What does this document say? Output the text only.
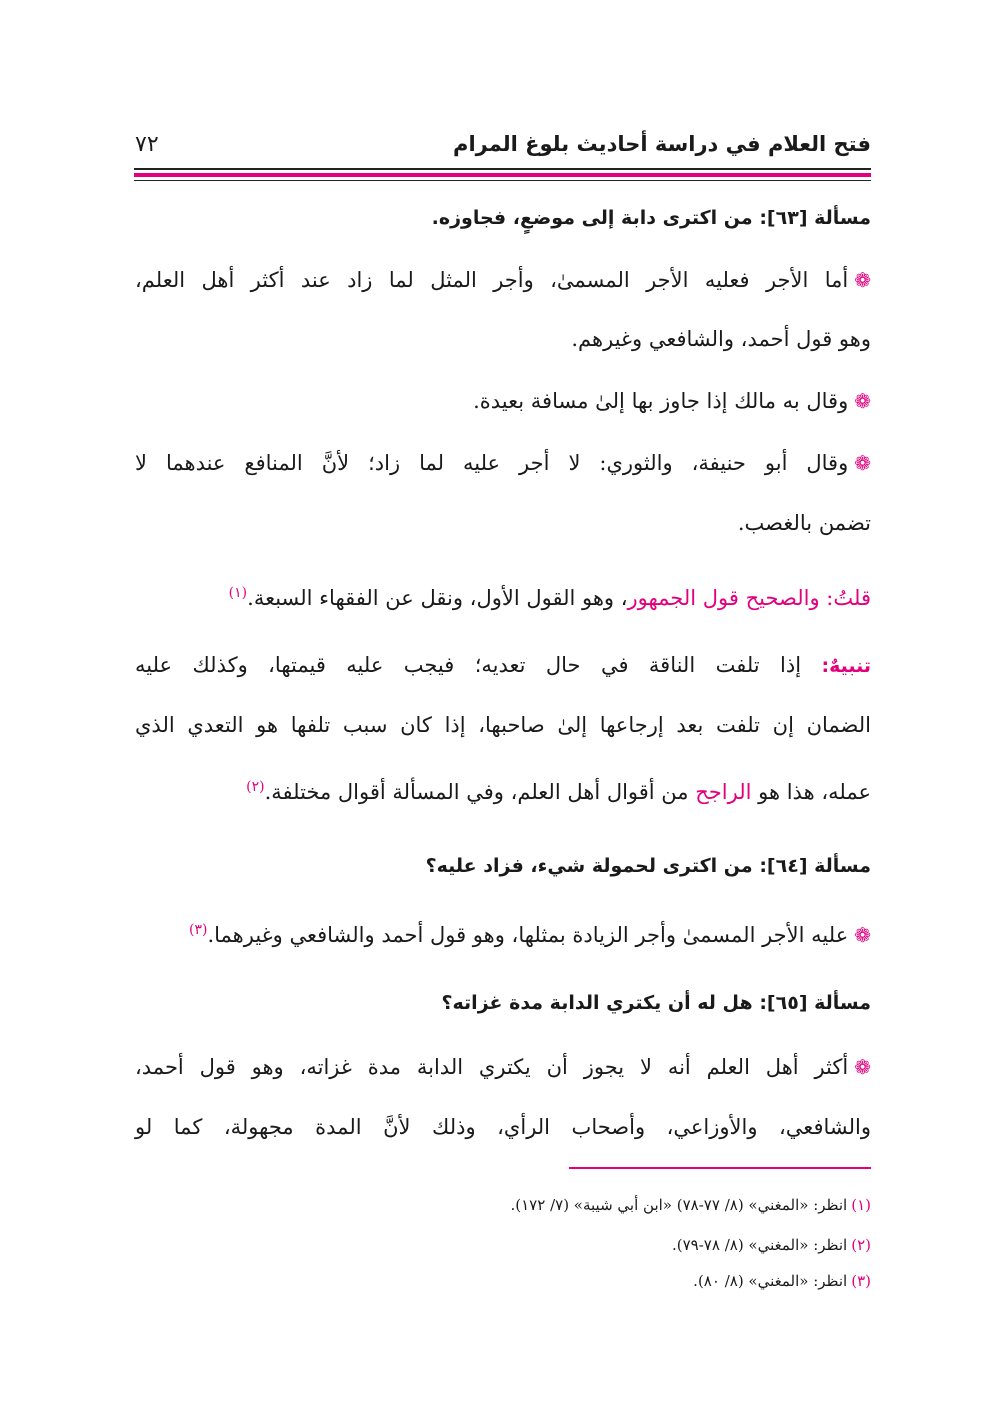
فتح العلام في دراسة أحاديث بلوغ المرام
٧٢
مسألة [٦٣]: من اكترى دابة إلى موضعٍ، فجاوزه.
❁أما الأجر فعليه الأجر المسمىٰ، وأجر المثل لما زاد عند أكثر أهل العلم،
وهو قول أحمد، والشافعي وغيرهم.
❁وقال به مالك إذا جاوز بها إلىٰ مسافة بعيدة.
❁وقال أبو حنيفة، والثوري: لا أجر عليه لما زاد؛ لأنَّ المنافع عندهما لا
تضمن بالغصب.
قلتُ: والصحيح قول الجمهور، وهو القول الأول، ونقل عن الفقهاء السبعة.$^{(١)}$
تنبيهٌ: إذا تلفت الناقة في حال تعديه؛ فيجب عليه قيمتها، وكذلك عليه
الضمان إن تلفت بعد إرجاعها إلىٰ صاحبها، إذا كان سبب تلفها هو التعدي الذي
عمله، هذا هو الراجح من أقوال أهل العلم، وفي المسألة أقوال مختلفة.$^{(٢)}$
مسألة [٦٤]: من اكترى لحمولة شيء، فزاد عليه؟
❁عليه الأجر المسمىٰ وأجر الزيادة بمثلها، وهو قول أحمد والشافعي وغيرهما.$^{(٣)}$
مسألة [٦٥]: هل له أن يكتري الدابة مدة غزاته؟
❁أكثر أهل العلم أنه لا يجوز أن يكتري الدابة مدة غزاته، وهو قول أحمد،
والشافعي، والأوزاعي، وأصحاب الرأي، وذلك لأنَّ المدة مجهولة، كما لو
(١)انظر: «المغني» (٨/ ٧٧-٧٨) «ابن أبي شيبة» (٧/ ١٧٢).
(٢)انظر: «المغني» (٨/ ٧٨-٧٩).
(٣)انظر: «المغني» (٨/ ٨٠).
